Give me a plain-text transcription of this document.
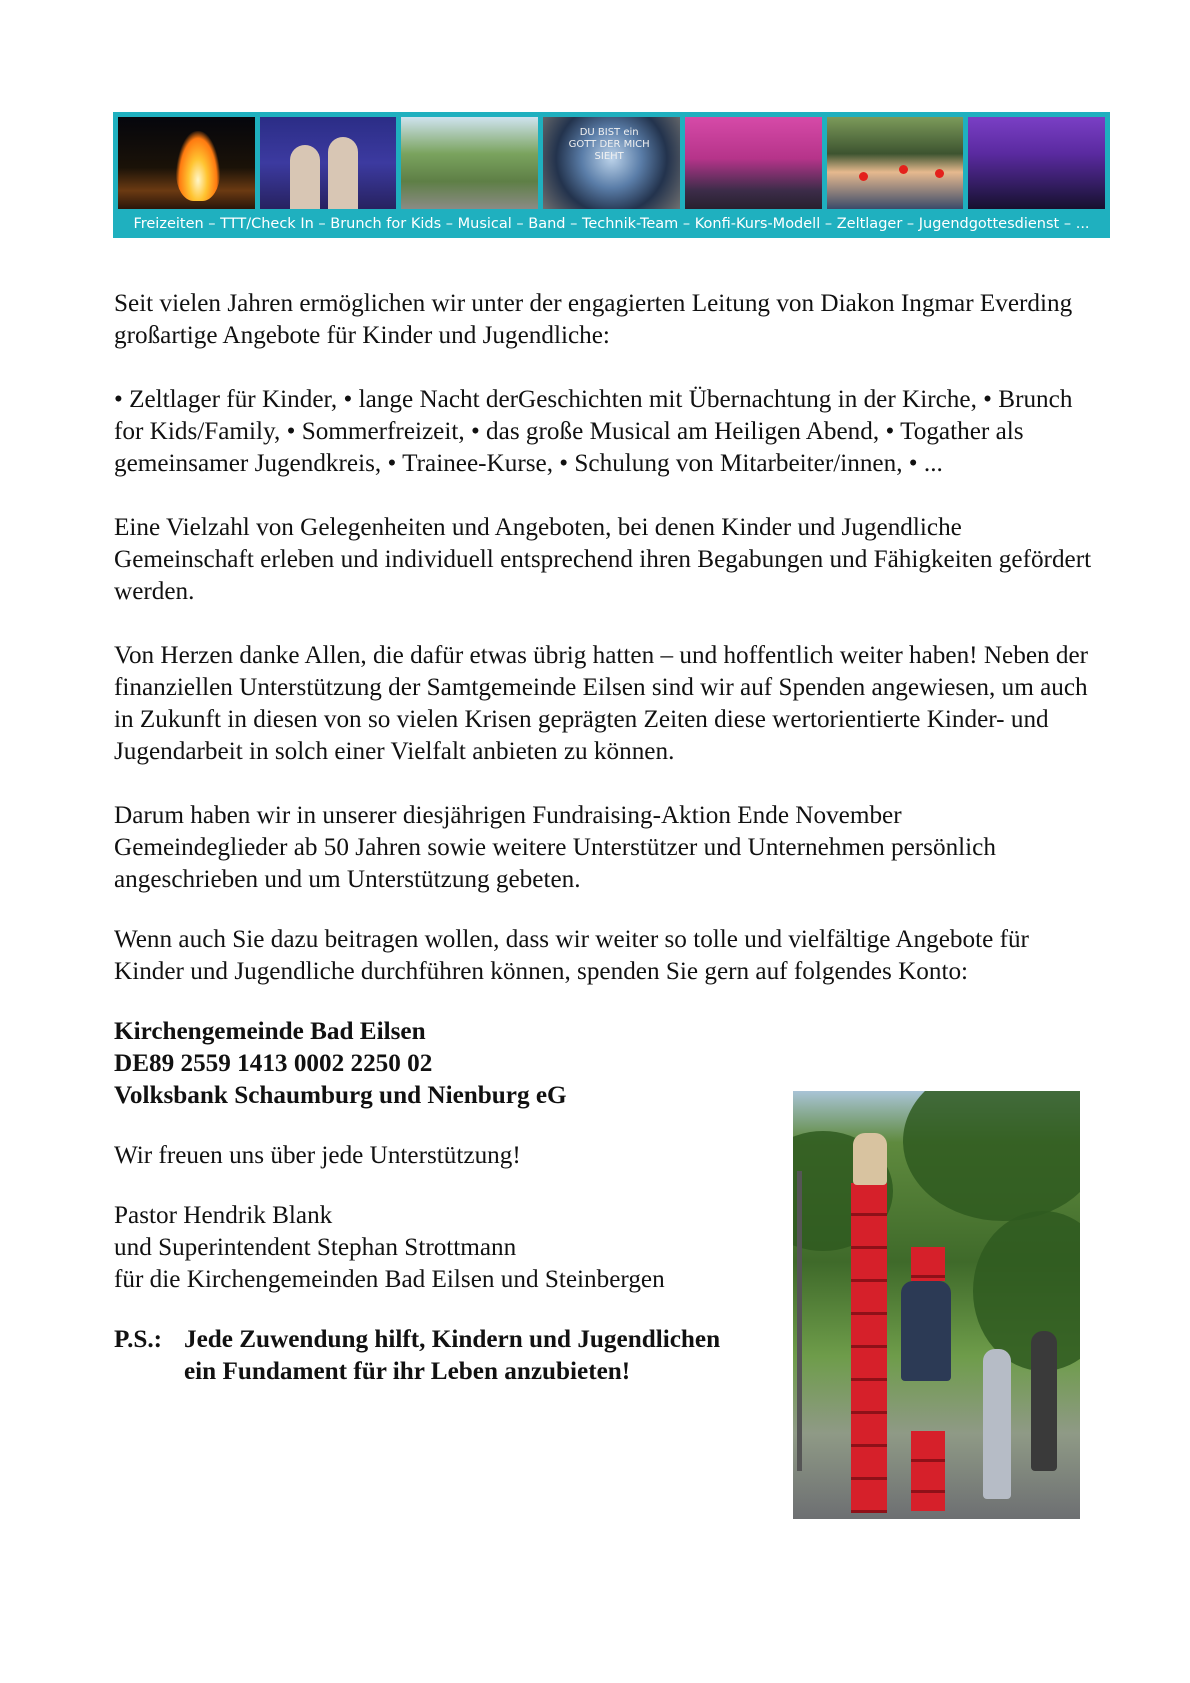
DU BIST ein GOTT DER MICH SIEHT
Freizeiten – TTT/Check In – Brunch for Kids – Musical – Band – Technik-Team – Konfi-Kurs-Modell – Zeltlager – Jugendgottesdienst – ...

Seit vielen Jahren ermöglichen wir unter der engagierten Leitung von Diakon Ingmar Everding großartige Angebote für Kinder und Jugendliche:

• Zeltlager für Kinder, • lange Nacht derGeschichten mit Übernachtung in der Kirche, • Brunch for Kids/Family, • Sommerfreizeit, • das große Musical am Heiligen Abend, • Togather als gemeinsamer Jugendkreis, • Trainee-Kurse, • Schulung von Mitarbeiter/innen, • ...

Eine Vielzahl von Gelegenheiten und Angeboten, bei denen Kinder und Jugendliche Gemeinschaft erleben und individuell entsprechend ihren Begabungen und Fähigkeiten gefördert werden.

Von Herzen danke Allen, die dafür etwas übrig hatten – und hoffentlich weiter haben! Neben der finanziellen Unterstützung der Samtgemeinde Eilsen sind wir auf Spenden angewiesen, um auch in Zukunft in diesen von so vielen Krisen geprägten Zeiten diese wertorientierte Kinder- und Jugendarbeit in solch einer Vielfalt anbieten zu können.

Darum haben wir in unserer diesjährigen Fundraising-Aktion Ende November Gemeindeglieder ab 50 Jahren sowie weitere Unterstützer und Unternehmen persönlich angeschrieben und um Unterstützung gebeten.

Wenn auch Sie dazu beitragen wollen, dass wir weiter so tolle und vielfältige Angebote für Kinder und Jugendliche durchführen können, spenden Sie gern auf folgendes Konto:

Kirchengemeinde Bad Eilsen

DE89 2559 1413 0002 2250 02

Volksbank Schaumburg und Nienburg eG

Wir freuen uns über jede Unterstützung!

Pastor Hendrik Blank

und Superintendent Stephan Strottmann

für die Kirchengemeinden Bad Eilsen und Steinbergen

P.S.: Jede Zuwendung hilft, Kindern und Jugendlichen

ein Fundament für ihr Leben anzubieten!
